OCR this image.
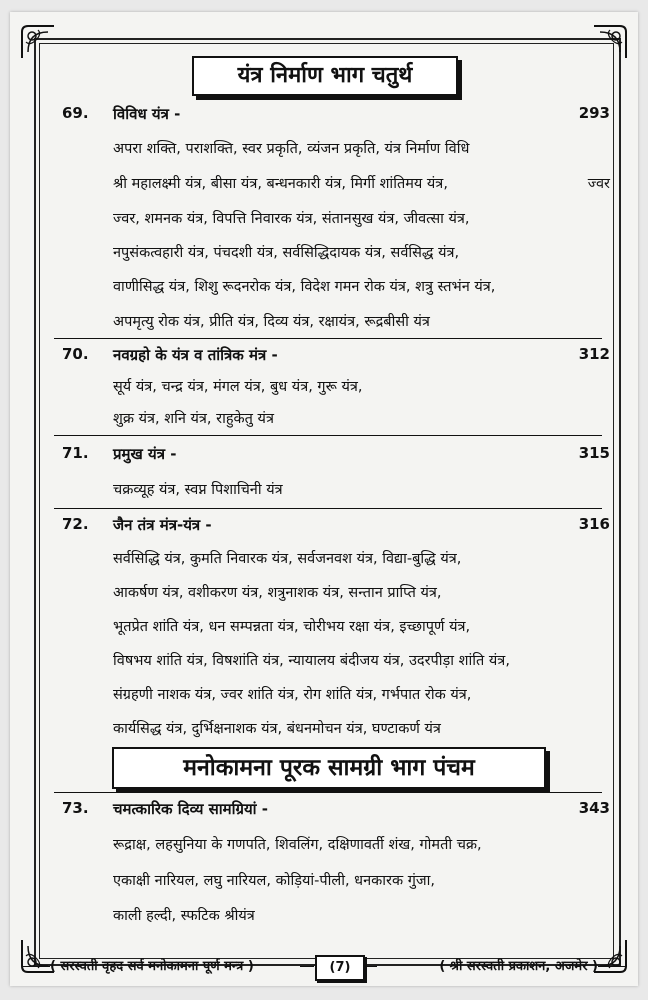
यंत्र निर्माण भाग चतुर्थ
69. विविध यंत्र -	293
अपरा शक्ति, पराशक्ति, स्वर प्रकृति, व्यंजन प्रकृति, यंत्र निर्माण विधि
श्री महालक्ष्मी यंत्र, बीसा यंत्र, बन्धनकारी यंत्र, मिर्गी शांतिमय यंत्र,	ज्वर
ज्वर, शमनक यंत्र, विपत्ति निवारक यंत्र, संतानसुख यंत्र, जीवत्सा यंत्र,
नपुसंकत्वहारी यंत्र, पंचदशी यंत्र, सर्वसिद्धिदायक यंत्र, सर्वसिद्ध यंत्र,
वाणीसिद्ध यंत्र, शिशु रूदनरोक यंत्र, विदेश गमन रोक यंत्र, शत्रु स्तभंन यंत्र,
अपमृत्यु रोक यंत्र, प्रीति यंत्र, दिव्य यंत्र, रक्षायंत्र, रूद्रबीसी यंत्र
70. नवग्रहो के यंत्र व तांत्रिक मंत्र -	312
सूर्य यंत्र, चन्द्र यंत्र, मंगल यंत्र, बुध यंत्र, गुरू यंत्र,
शुक्र यंत्र, शनि यंत्र, राहुकेतु यंत्र
71. प्रमुख यंत्र -	315
चक्रव्यूह यंत्र, स्वप्न पिशाचिनी यंत्र
72. जैन तंत्र मंत्र-यंत्र -	316
सर्वसिद्धि यंत्र, कुमति निवारक यंत्र, सर्वजनवश यंत्र, विद्या-बुद्धि यंत्र,
आकर्षण यंत्र, वशीकरण यंत्र, शत्रुनाशक यंत्र, सन्तान प्राप्ति यंत्र,
भूतप्रेत शांति यंत्र, धन सम्पन्नता यंत्र, चोरीभय रक्षा यंत्र, इच्छापूर्ण यंत्र,
विषभय शांति यंत्र, विषशांति यंत्र, न्यायालय बंदीजय यंत्र, उदरपीड़ा शांति यंत्र,
संग्रहणी नाशक यंत्र, ज्वर शांति यंत्र, रोग शांति यंत्र, गर्भपात रोक यंत्र,
कार्यसिद्ध यंत्र, दुर्भिक्षनाशक यंत्र, बंधनमोचन यंत्र, घण्टाकर्ण यंत्र
मनोकामना पूरक सामग्री भाग पंचम
73. चमत्कारिक दिव्य सामग्रियां -	343
रूद्राक्ष, लहसुनिया के गणपति, शिवलिंग, दक्षिणावर्ती शंख, गोमती चक्र,
एकाक्षी नारियल, लघु नारियल, कोड़ियां-पीली, धनकारक गुंजा,
काली हल्दी, स्फटिक श्रीयंत्र
( सरस्वती वृहद सर्व मनोकामना पूर्ण मन्त्र )	(7)	( श्री सरस्वती प्रकाशन, अजमेर )
